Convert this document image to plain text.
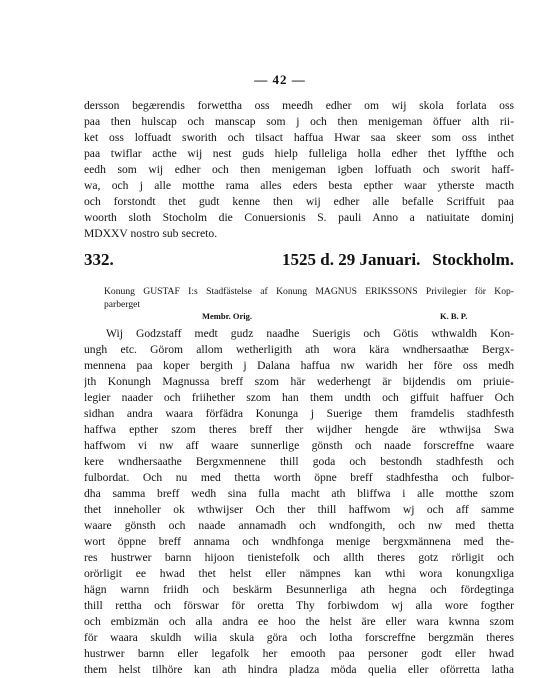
— 42 —
dersson begærendis forwettha oss meedh edher om wij skola forlata oss
paa then hulscap och manscap som j och then menigeman öffuer alth rii-
ket oss loffuadt sworith och tilsact haffua Hwar saa skeer som oss inthet
paa twiflar acthe wij nest guds hielp fulleliga holla edher thet lyffthe och
eedh som wij edher och then menigeman igben loffuath och sworit haff-
wa, och j alle motthe rama alles eders besta epther waar ytherste macth
och forstondt thet gudt kenne then wij edher alle befalle Scriffuit paa
woorth sloth Stocholm die Conuersionis S. pauli Anno a natiuitate dominj
MDXXV nostro sub secreto.
332.	1525 d. 29 Januari. Stockholm.
Konung GUSTAF I:s Stadfästelse af Konung MAGNUS ERIKSSONS Privilegier för Kop-
parberget
Membr. Orig.	K. B. P.
Wij Godzstaff medt gudz naadhe Suerigis och Götis wthwaldh Kon-
ungh etc. Görom allom wetherligith ath wora kära wndhersaathæ Bergx-
mennena paa koper bergith j Dalana haffua nw waridh her före oss medh
jth Konungh Magnussa breff szom här wederhengt är bijdendis om priuie-
legier naader och friihether szom han them undth och giffuit haffuer Och
sidhan andra waara förfädra Konunga j Suerige them framdelis stadhfesth
haffwa epther szom theres breff ther wijdher hengde äre wthwijsa Swa
haffwom vi nw aff waare sunnerlige gönsth och naade forscreffne waare
kere wndhersaathe Bergxmennene thill goda och bestondh stadhfesth och
fulbordat. Och nu med thetta worth öpne breff stadhfestha och fulbor-
dha samma breff wedh sina fulla macht ath bliffwa i alle motthe szom
thet inneholler ok wthwijser Och ther thill haffwom wj och aff samme
waare gönsth och naade annamadh och wndfongith, och nw med thetta
wort öppne breff annama och wndhfonga menige bergxmännena med the-
res hustrwer barnn hijoon tienistefolk och allth theres gotz rörligit och
orörligit ee hwad thet helst eller nämpnes kan wthi wora konungxliga
hägn warnn friidh och beskärm Besunnerliga ath hegna och fördegtinga
thill rettha och förswar för oretta Thy forbiwdom wj alla wore fogther
och embizmän och alla andra ee hoo the helst äre eller wara kwnna szom
för waara skuldh wilia skula göra och lotha forscreffne bergzmän theres
hustrwer barnn eller legafolk her emooth paa personer godt eller hwad
them helst tilhöre kan ath hindra pladza möda quelia eller oförretta latha
